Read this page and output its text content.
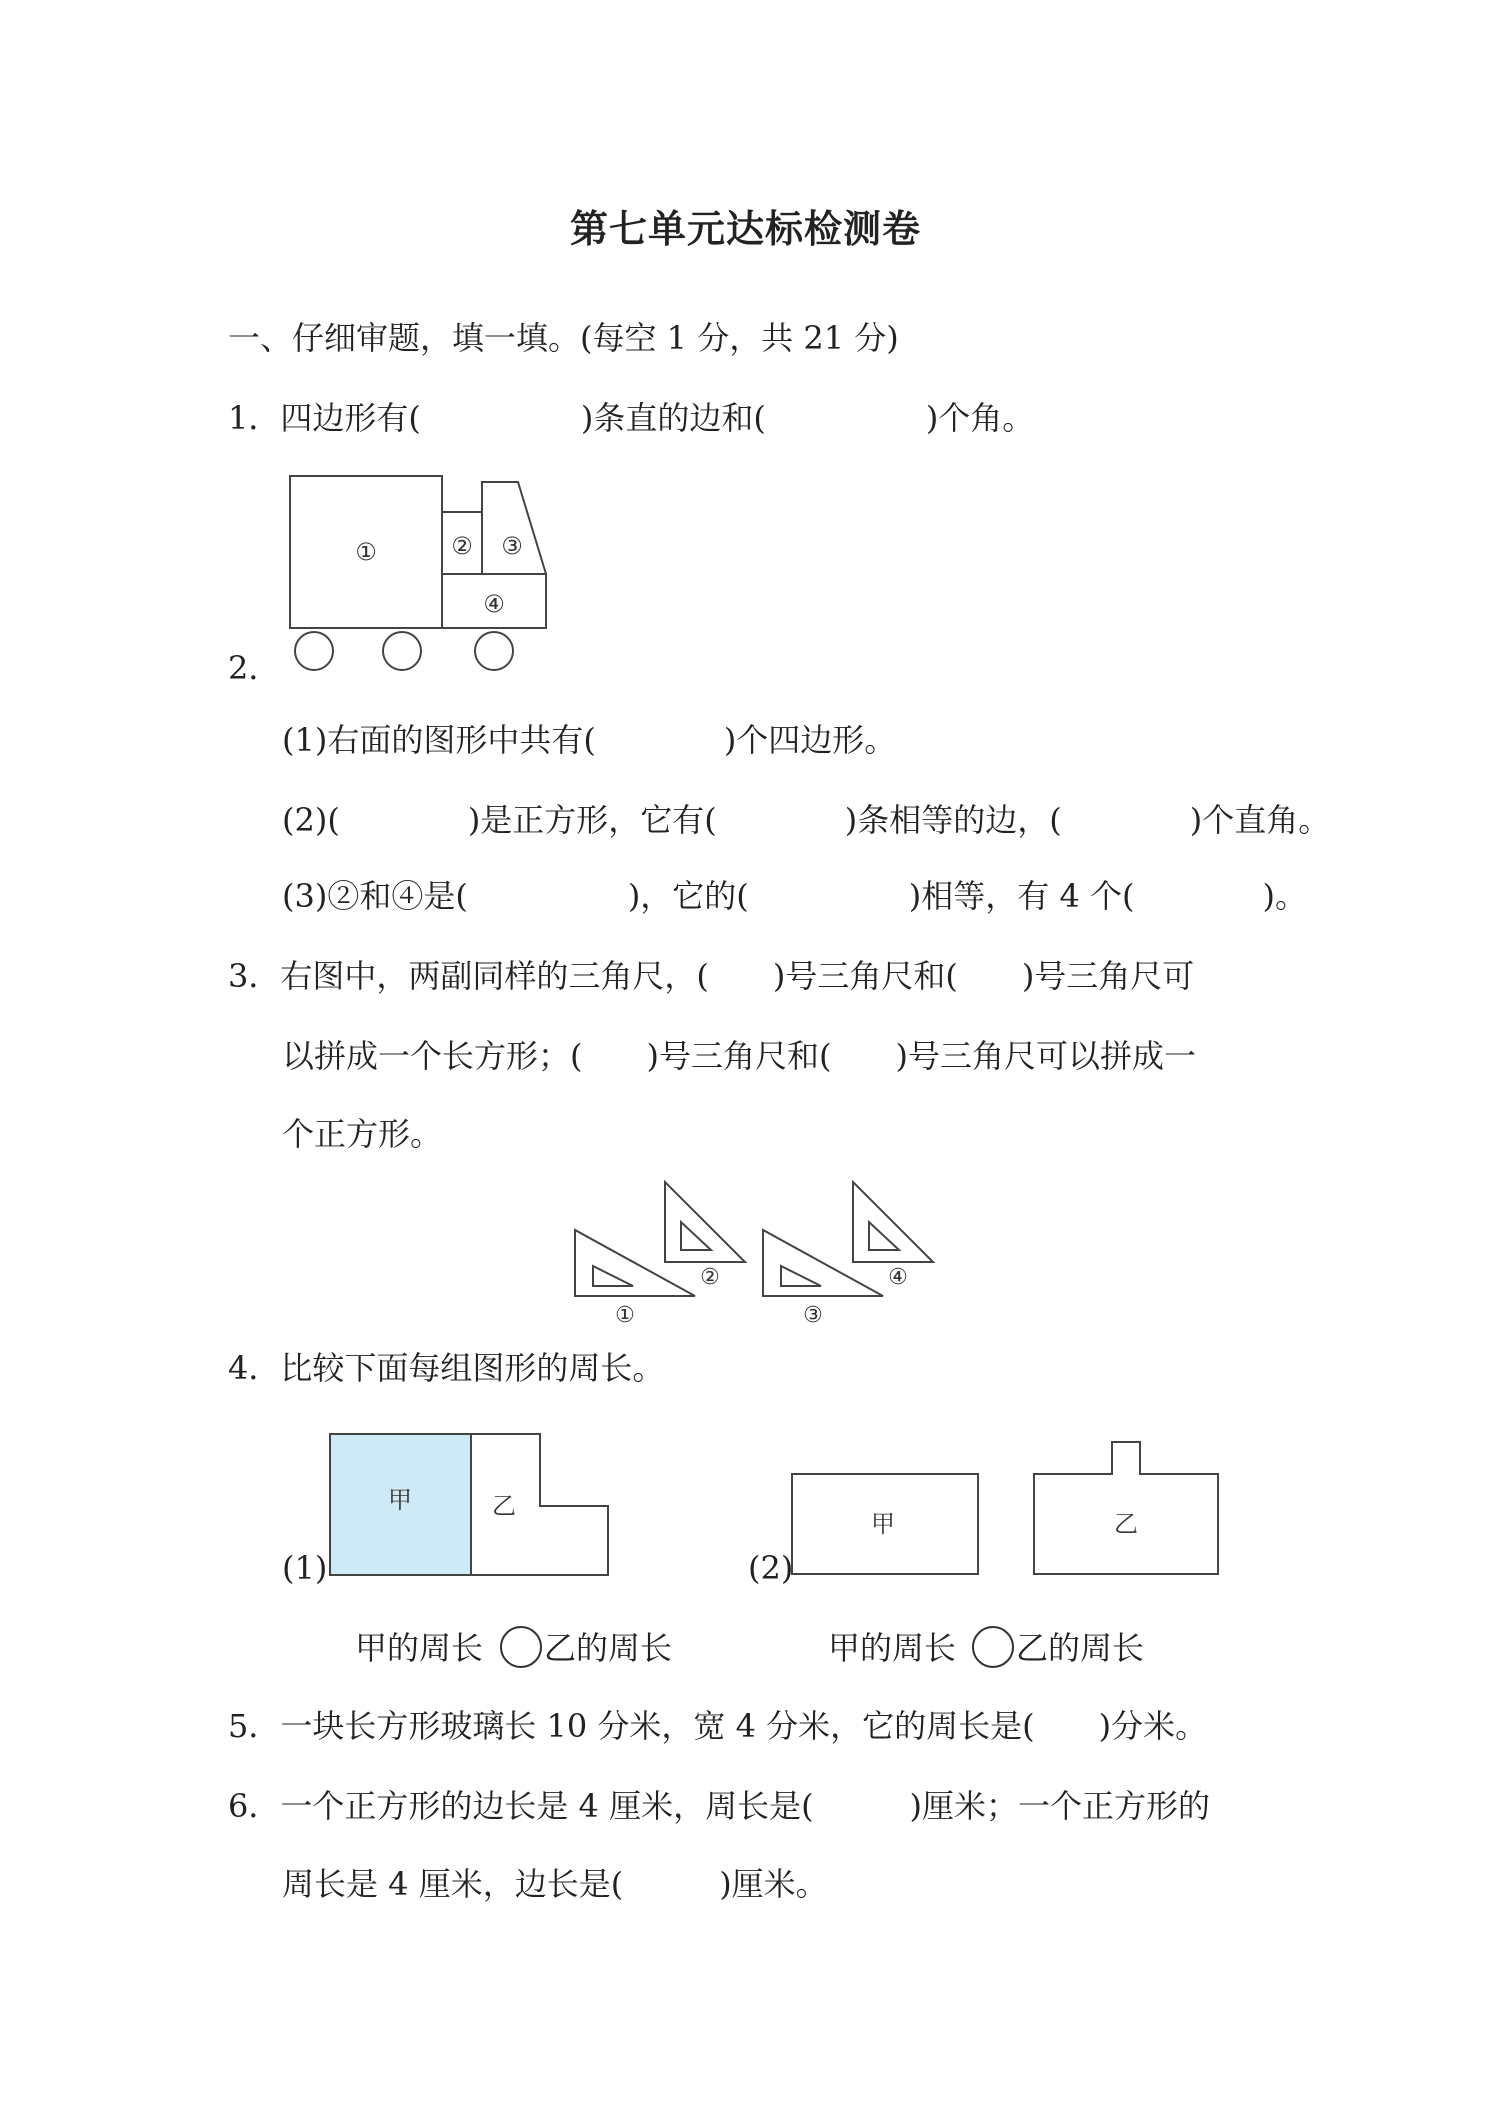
第七单元达标检测卷
一、仔细审题，填一填。(每空 1 分，共 21 分)
1．四边形有(　　　　　)条直的边和(　　　　　)个角。
①	② ③
④
2．
(1)右面的图形中共有(　　　　)个四边形。
(2)(　　　　)是正方形，它有(　　　　)条相等的边，(　　　　)个直角。
(3)②和④是(　　　　　)，它的(　　　　　)相等，有 4 个(　　　　)。
3．右图中，两副同样的三角尺，(　　)号三角尺和(　　)号三角尺可
以拼成一个长方形；(　　)号三角尺和(　　)号三角尺可以拼成一
个正方形。
①
②
③
④
4．比较下面每组图形的周长。
(1)
甲	乙
(2)
甲	乙
甲的周长 乙的周长	甲的周长 乙的周长
5．一块长方形玻璃长 10 分米，宽 4 分米，它的周长是(　　)分米。
6．一个正方形的边长是 4 厘米，周长是(　　　)厘米；一个正方形的
周长是 4 厘米，边长是(　　　)厘米。
